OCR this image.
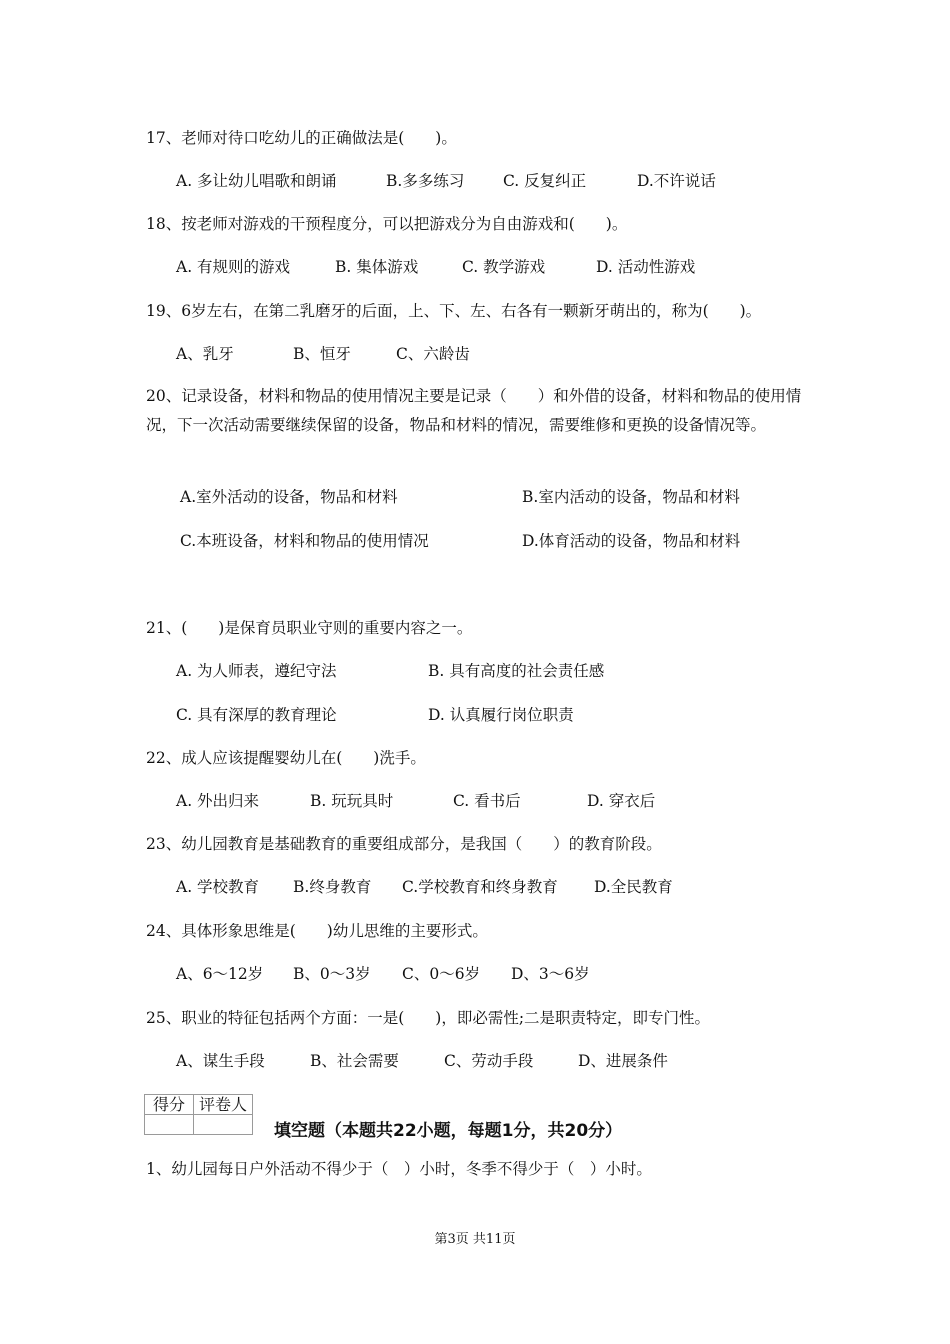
17、老师对待口吃幼儿的正确做法是(　　)。
A. 多让幼儿唱歌和朗诵	B.多多练习 C. 反复纠正	D.不许说话
18、按老师对游戏的干预程度分，可以把游戏分为自由游戏和(　　)。
A. 有规则的游戏	B. 集体游戏	C. 教学游戏	D. 活动性游戏
19、6岁左右，在第二乳磨牙的后面，上、下、左、右各有一颗新牙萌出的，称为(　　)。
A、乳牙	B、恒牙	C、六龄齿
20、记录设备，材料和物品的使用情况主要是记录（　　）和外借的设备，材料和物品的使用情况，下一次活动需要继续保留的设备，物品和材料的情况，需要维修和更换的设备情况等。
A.室外活动的设备，物品和材料	B.室内活动的设备，物品和材料
C.本班设备，材料和物品的使用情况	D.体育活动的设备，物品和材料
21、(　　)是保育员职业守则的重要内容之一。
A. 为人师表，遵纪守法	B. 具有高度的社会责任感
C. 具有深厚的教育理论	D. 认真履行岗位职责
22、成人应该提醒婴幼儿在(　　)洗手。
A. 外出归来	B. 玩玩具时	C. 看书后	D. 穿衣后
23、幼儿园教育是基础教育的重要组成部分，是我国（　　）的教育阶段。
A. 学校教育 B.终身教育 C.学校教育和终身教育 D.全民教育
24、具体形象思维是(　　)幼儿思维的主要形式。
A、6～12岁 B、0～3岁 C、0～6岁 D、3～6岁
25、职业的特征包括两个方面：一是(　　)，即必需性;二是职责特定，即专门性。
A、谋生手段	B、社会需要	C、劳动手段	D、进展条件
得分	评卷人

填空题（本题共22小题，每题1分，共20分）
1、幼儿园每日户外活动不得少于（　）小时，冬季不得少于（　）小时。
第3页 共11页
